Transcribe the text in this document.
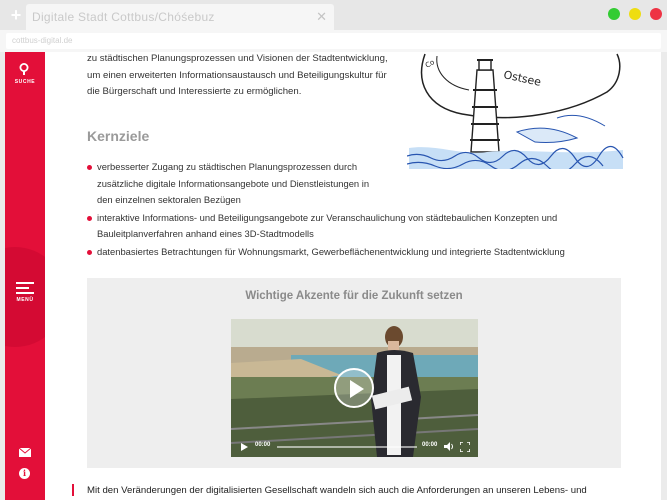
+ Digitale Stadt Cottbus/Chóśebuz	✕
cottbus-digital.de
SUCHE
MENÜ
i

zu städtischen Planungsprozessen und Visionen der Stadtentwicklung, um einen erweiterten Informationsaustausch und Beteiligungskultur für die Bürgerschaft und Interessierte zu ermöglichen.

Ostsee
Co
Kernziele
verbesserter Zugang zu städtischen Planungsprozessen durch zusätzliche digitale Informationsangebote und Dienstleistungen in den einzelnen sektoralen Bezügen
interaktive Informations- und Beteiligungsangebote zur Veranschaulichung von städtebaulichen Konzepten und Bauleitplanverfahren anhand eines 3D-Stadtmodells
datenbasiertes Betrachtungen für Wohnungsmarkt, Gewerbeflächenentwicklung und integrierte Stadtentwicklung
Wichtige Akzente für die Zukunft setzen
00:00	00:00
Mit den Veränderungen der digitalisierten Gesellschaft wandeln sich auch die Anforderungen an unseren Lebens- und
